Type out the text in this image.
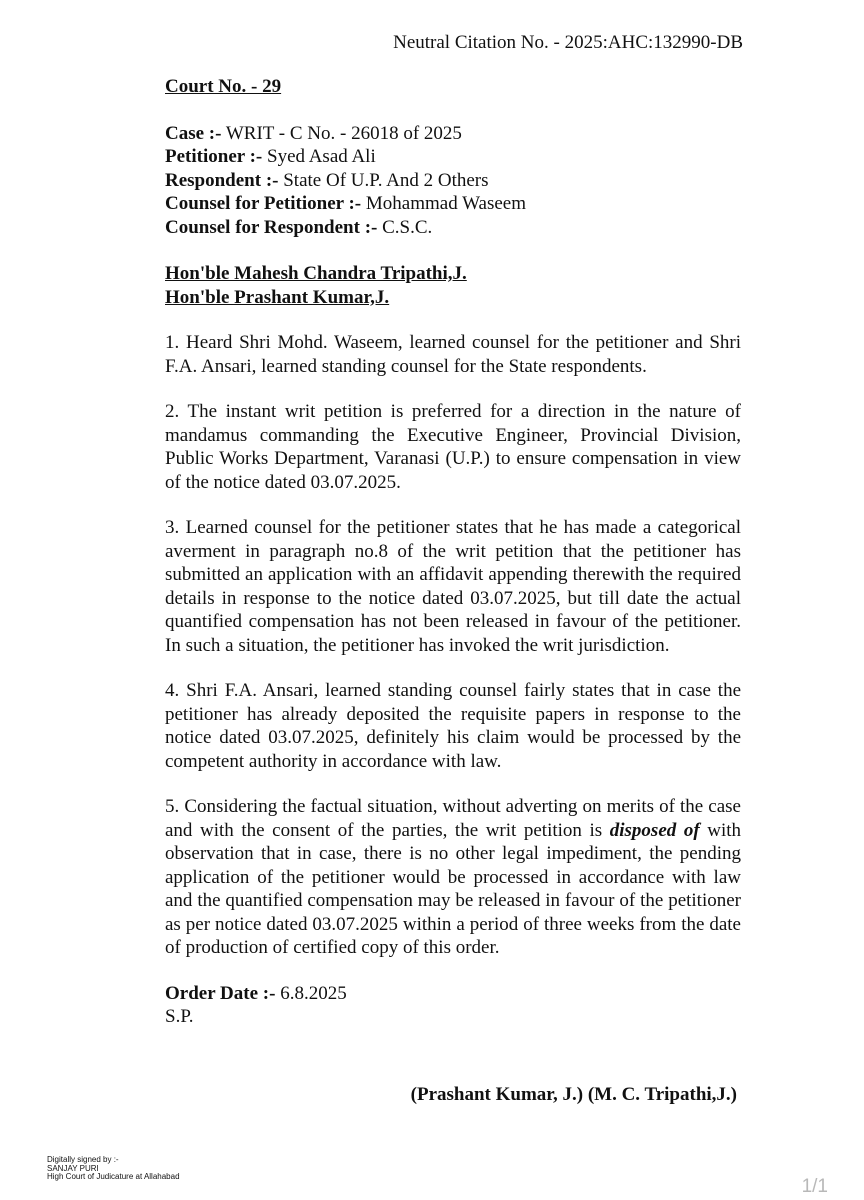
Neutral Citation No. - 2025:AHC:132990-DB
Court No. - 29
Case :- WRIT - C No. - 26018 of 2025
Petitioner :- Syed Asad Ali
Respondent :- State Of U.P. And 2 Others
Counsel for Petitioner :- Mohammad Waseem
Counsel for Respondent :- C.S.C.
Hon'ble Mahesh Chandra Tripathi,J.
Hon'ble Prashant Kumar,J.

1. Heard Shri Mohd. Waseem, learned counsel for the petitioner and Shri F.A. Ansari, learned standing counsel for the State respondents.

2. The instant writ petition is preferred for a direction in the nature of mandamus commanding the Executive Engineer, Provincial Division, Public Works Department, Varanasi (U.P.) to ensure compensation in view of the notice dated 03.07.2025.

3. Learned counsel for the petitioner states that he has made a categorical averment in paragraph no.8 of the writ petition that the petitioner has submitted an application with an affidavit appending therewith the required details in response to the notice dated 03.07.2025, but till date the actual quantified compensation has not been released in favour of the petitioner. In such a situation, the petitioner has invoked the writ jurisdiction.

4. Shri F.A. Ansari, learned standing counsel fairly states that in case the petitioner has already deposited the requisite papers in response to the notice dated 03.07.2025, definitely his claim would be processed by the competent authority in accordance with law.

5. Considering the factual situation, without adverting on merits of the case and with the consent of the parties, the writ petition is disposed of with observation that in case, there is no other legal impediment, the pending application of the petitioner would be processed in accordance with law and the quantified compensation may be released in favour of the petitioner as per notice dated 03.07.2025 within a period of three weeks from the date of production of certified copy of this order.

Order Date :- 6.8.2025
S.P.
(Prashant Kumar, J.) (M. C. Tripathi,J.)
Digitally signed by :-
SANJAY PURI
High Court of Judicature at Allahabad	1/1
